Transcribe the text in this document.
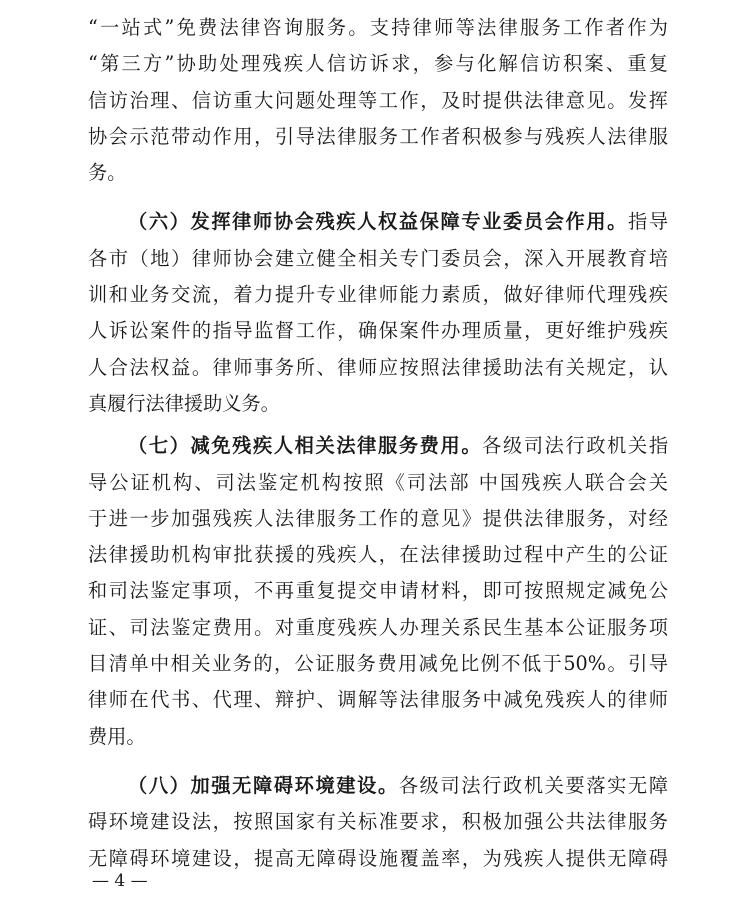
“一站式”免费法律咨询服务。支持律师等法律服务工作者作为
“第三方”协助处理残疾人信访诉求，参与化解信访积案、重复
信访治理、信访重大问题处理等工作，及时提供法律意见。发挥
协会示范带动作用，引导法律服务工作者积极参与残疾人法律服
务。
（六）发挥律师协会残疾人权益保障专业委员会作用。指导
各市（地）律师协会建立健全相关专门委员会，深入开展教育培
训和业务交流，着力提升专业律师能力素质，做好律师代理残疾
人诉讼案件的指导监督工作，确保案件办理质量，更好维护残疾
人合法权益。律师事务所、律师应按照法律援助法有关规定，认
真履行法律援助义务。
（七）减免残疾人相关法律服务费用。各级司法行政机关指
导公证机构、司法鉴定机构按照《司法部 中国残疾人联合会关
于进一步加强残疾人法律服务工作的意见》提供法律服务，对经
法律援助机构审批获援的残疾人，在法律援助过程中产生的公证
和司法鉴定事项，不再重复提交申请材料，即可按照规定减免公
证、司法鉴定费用。对重度残疾人办理关系民生基本公证服务项
目清单中相关业务的，公证服务费用减免比例不低于50%。引导
律师在代书、代理、辩护、调解等法律服务中减免残疾人的律师
费用。
（八）加强无障碍环境建设。各级司法行政机关要落实无障
碍环境建设法，按照国家有关标准要求，积极加强公共法律服务
无障碍环境建设，提高无障碍设施覆盖率，为残疾人提供无障碍
— 4 —
